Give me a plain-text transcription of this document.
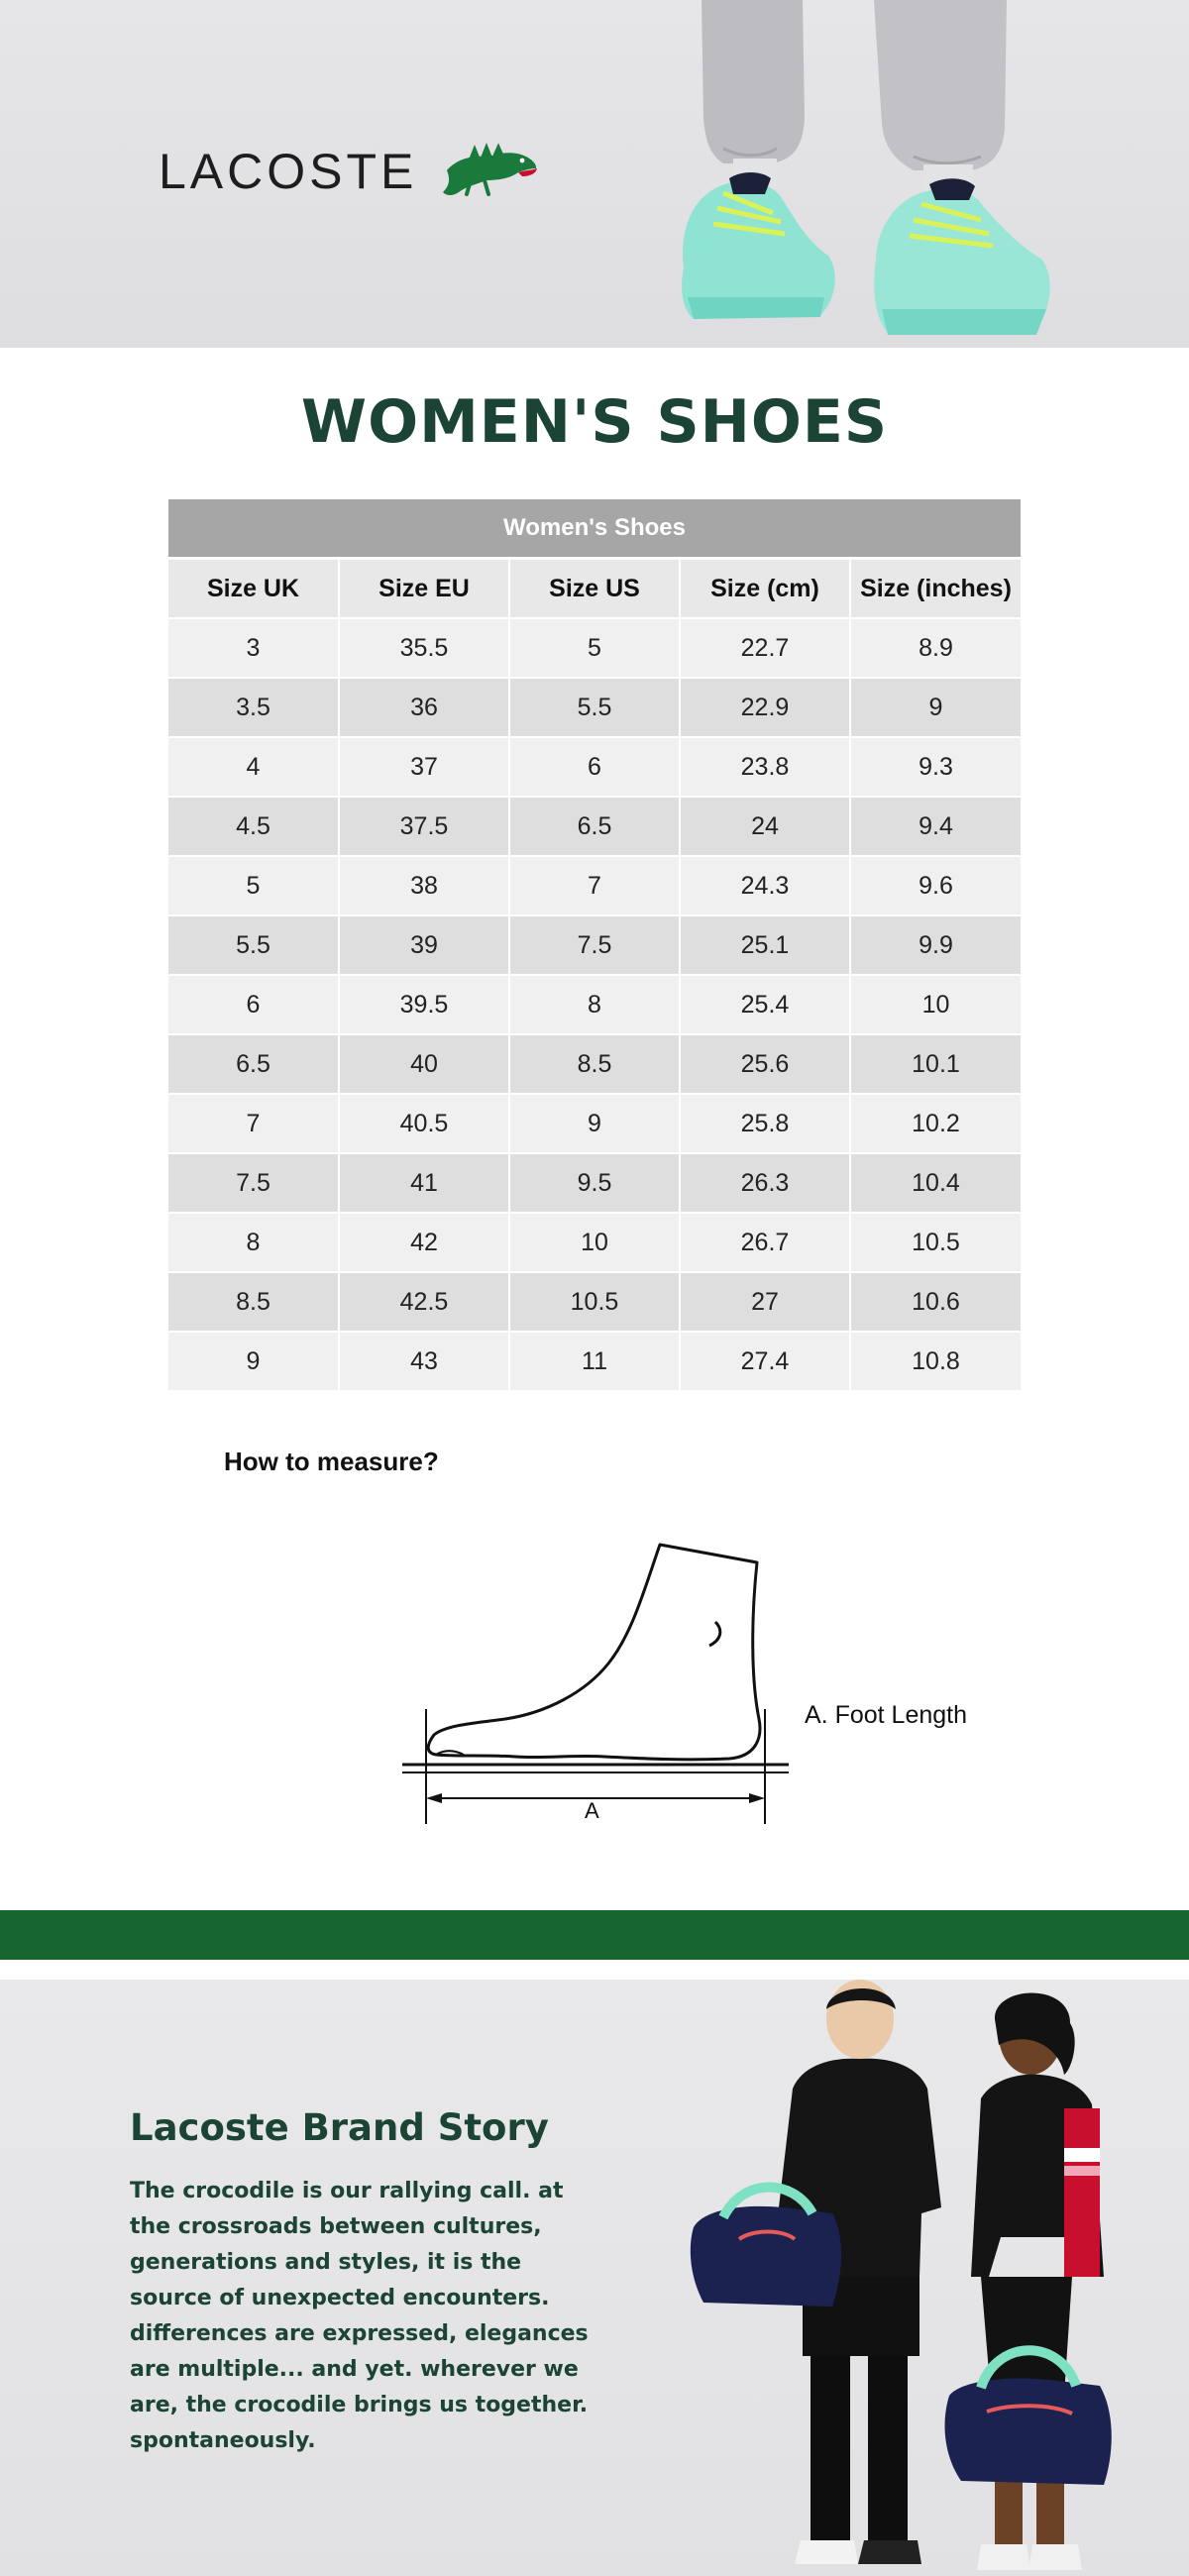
LACOSTE
WOMEN'S SHOES
Women's Shoes				
Size UK	Size EU	Size US	Size (cm)	Size (inches)
3	35.5	5	22.7	8.9
3.5	36	5.5	22.9	9
4	37	6	23.8	9.3
4.5	37.5	6.5	24	9.4
5	38	7	24.3	9.6
5.5	39	7.5	25.1	9.9
6	39.5	8	25.4	10
6.5	40	8.5	25.6	10.1
7	40.5	9	25.8	10.2
7.5	41	9.5	26.3	10.4
8	42	10	26.7	10.5
8.5	42.5	10.5	27	10.6
9	43	11	27.4	10.8
How to measure?
A
A. Foot Length
Lacoste Brand Story

The crocodile is our rallying call. at the crossroads between cultures, generations and styles, it is the source of unexpected encounters. differences are expressed, elegances are multiple... and yet. wherever we are, the crocodile brings us together. spontaneously.
